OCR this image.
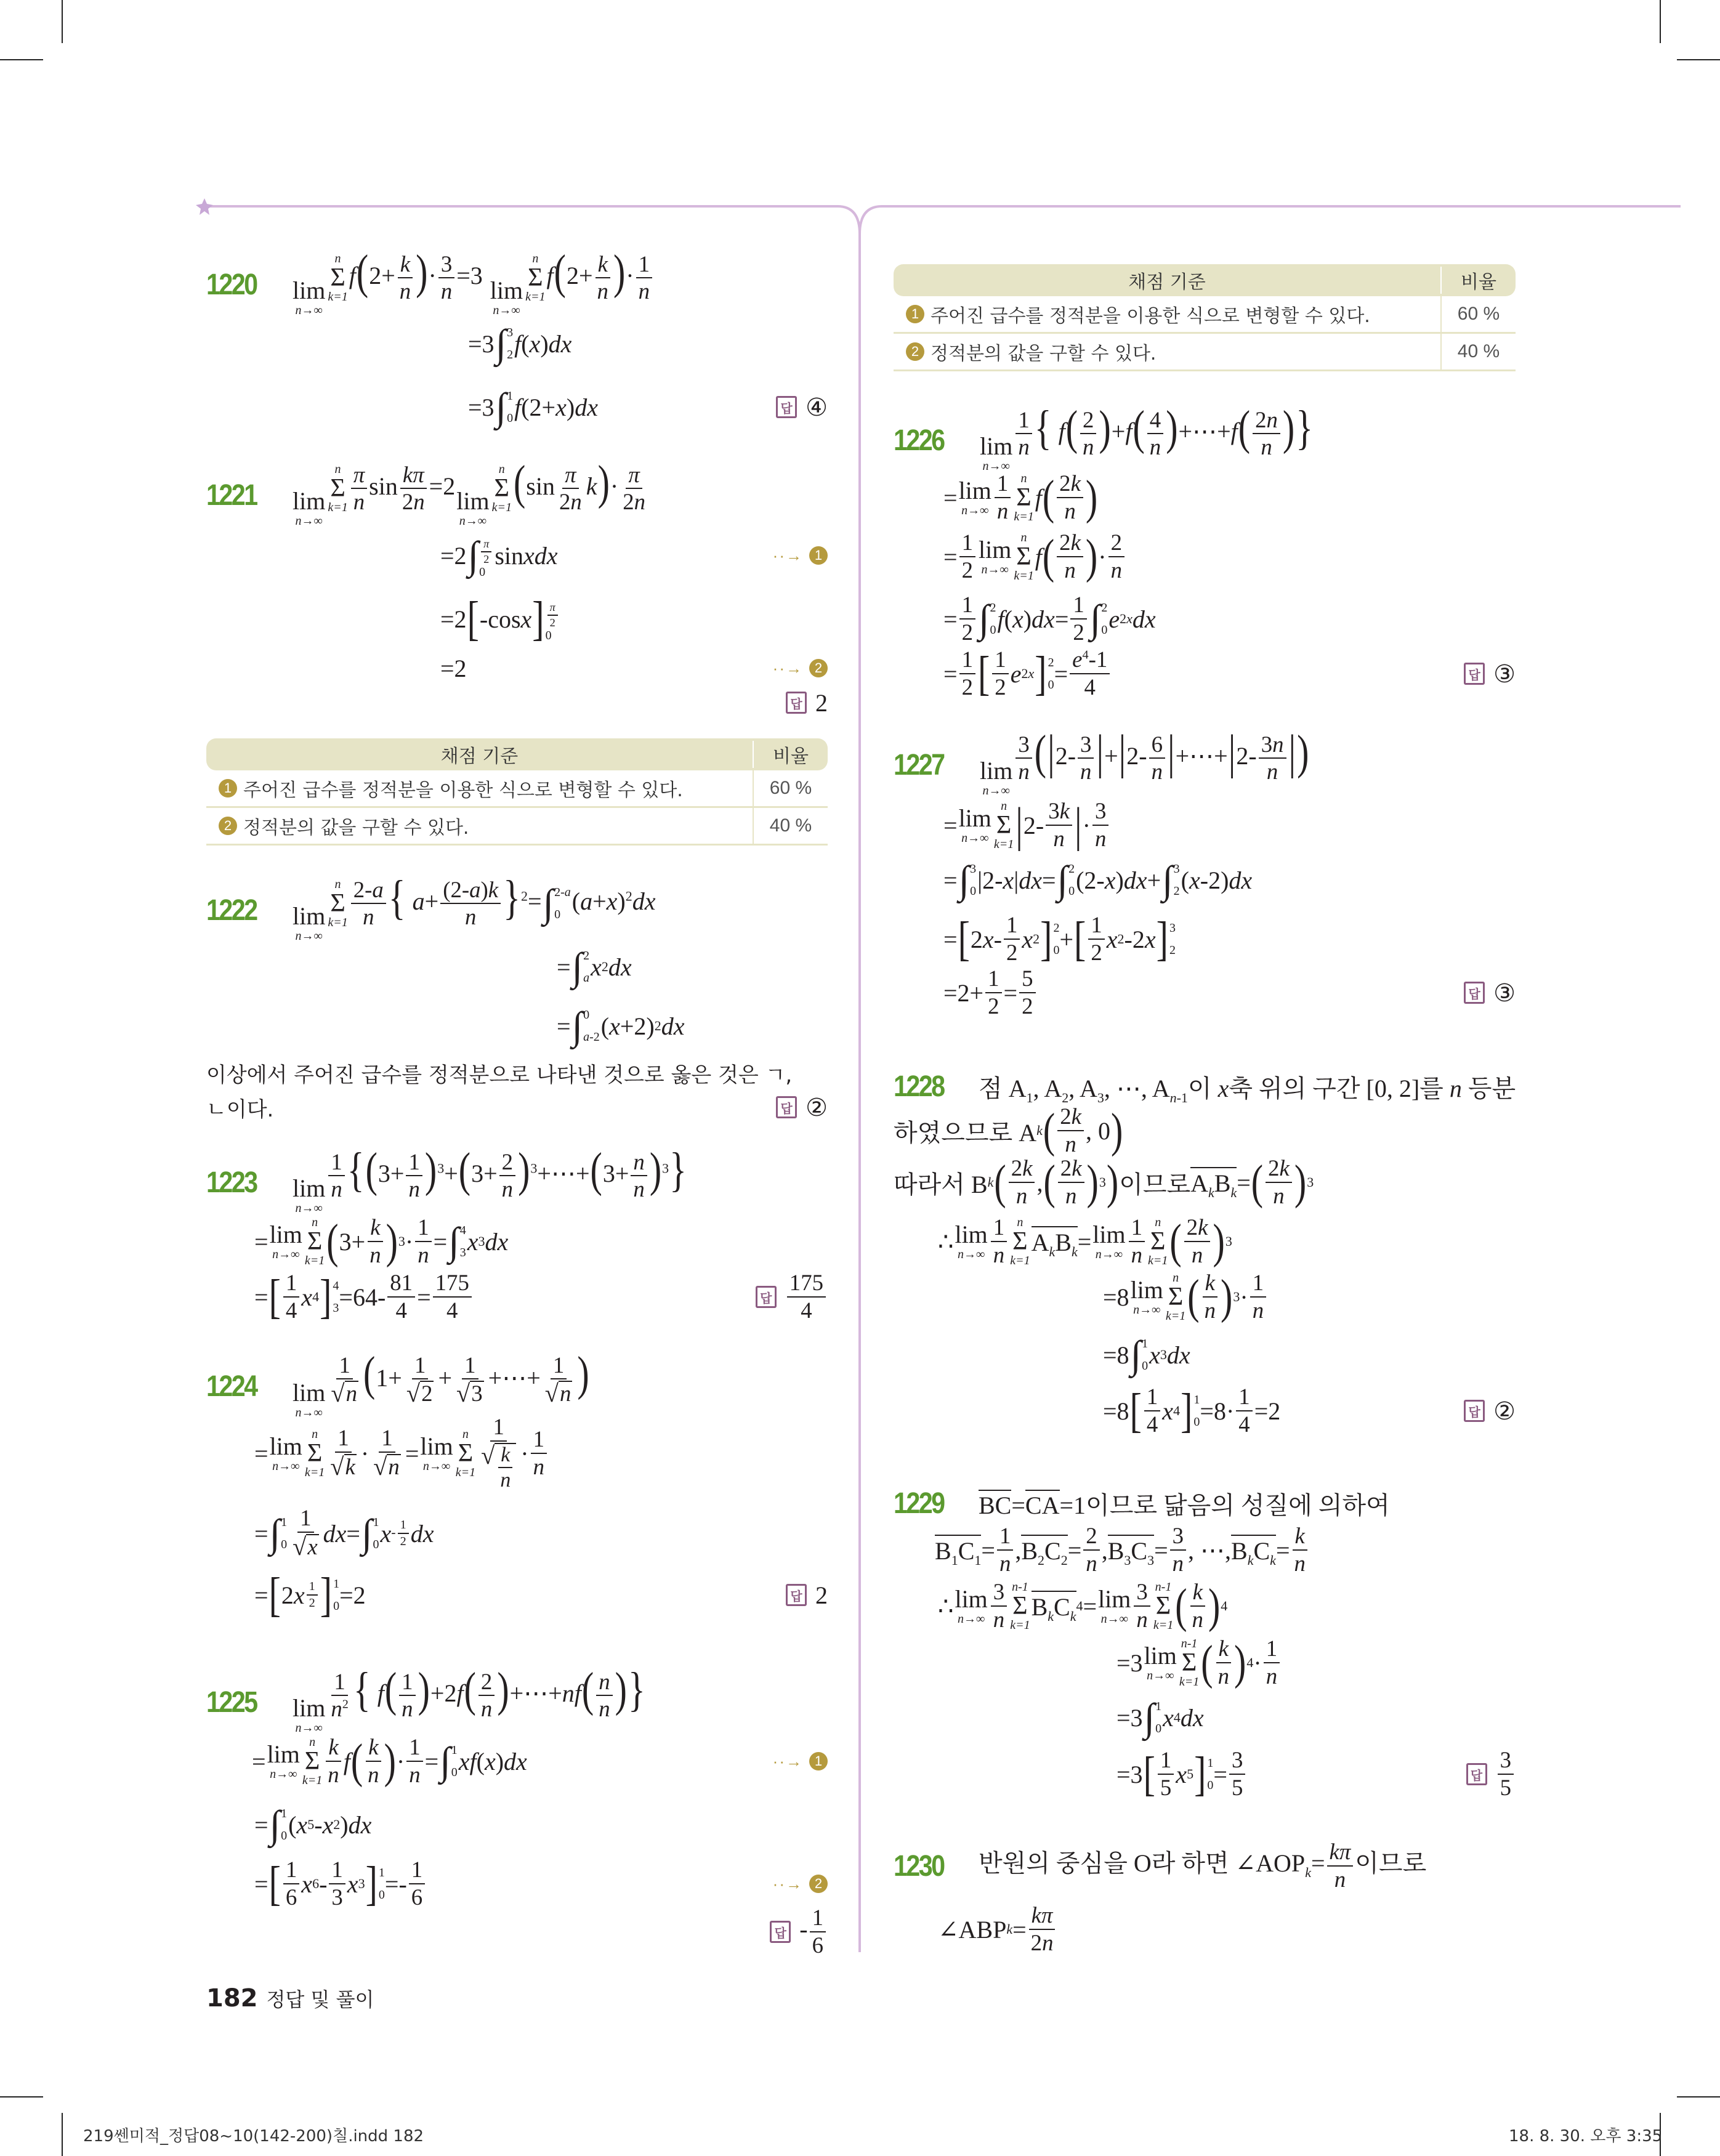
1220	lim
n→∞
n
Σ
k=1
$f(2+ \frac{k}{n}$ )· $\frac{3}{n} =3$
lim
n→∞
n
Σ
k=1
$f(2+ \frac{k}{n}$ )· $\frac{1}{n}$
=3 ∫ 3
2 f ( x ) d x
=3 ∫ 1
0 f (2+ x ) d x	답 ④
1221	lim
n→∞
n
Σ
$k=1 \frac{\pi}{n}$ $\sin \frac{k\pi}{2n} =2$
lim
n→∞
n
Σ
k=1 $(\sin \frac{\pi}{2n} k)\cdot \frac{\pi}{2n}$
=2 ∫ $\frac{\pi}{2}$
0
sin x d x
=2 [ -cos x ] $\frac{\pi}{2}$
0
=2
··→ 1
··→ 2
답 2
채점 기준	비율
1 주어진 급수를 정적분을 이용한 식으로 변형할 수 있다.	60 %
2 정적분의 값을 구할 수 있다.	40 %
1222	lim
n→∞
n
Σ
$k=1 \frac{2-a}{n}$ { $a+ \frac{(2-a)k}{n} \}^2=$ ∫ 2-a
0 $(a+x)^2dx$
= ∫ 2
a x 2 d x
= ∫ 0
a-2 ( x +2) 2 d x
이상에서 주어진 급수를 정적분으로 나타낸 것으로 옳은 것은 ㄱ,
ㄴ이다.	답 ②
1223	lim
n→∞
$\frac{1}{n} \{(3+ \frac{1}{n} )^3+(3+ \frac{2}{n}$ )$^3+\cdots+(3+ \frac{n}{n} )^3$}
= lim
n→∞
n
Σ
k=1 ( 3+
k
n ) 3 ·
1
n = ∫ 4
3 x 3 d x
= [ 1
4 x 4 ] 4
3 =64-
81
4 =
175
4	답 $\frac{175}{4}$
1224	lim
n→∞
$\frac{1}{√ n} (1+ \frac{1}{√ 2} + \frac{1}{√ 3}$ +⋯+ $\frac{1}{√ n}$ )
= lim
n→∞
n
Σ
k=1
1
√ k ·
1
√ n = lim
n→∞
n
Σ
k=1
1
√ $\frac{k}{n}$ ·
1
n
= ∫ 1
0
1
√ x d x = ∫ 1
0 x - $\frac{1}{2}$ d x
= [ 2 x $\frac{1}{2}$ ] 1
0 =2	답 2
1225	lim
n→∞
$\frac{1}{n^2}$ { $f( \frac{1}{n} )+2f( \frac{2}{n}$ )+⋯+nf( $\frac{n}{n}$ )}
= lim
n→∞
n
Σ
k=1
k
n f ( k
n ) ·
1
n = ∫ 1
0 x f ( x ) d x
= ∫ 1
0 ( x 5 - x 2 ) d x
= [ 1
6 x 6 -
1
3 x 3 ] 1
0 =-
1
6
··→ 1
··→ 2
답 - $\frac{1}{6}$
채점 기준	비율
1 주어진 급수를 정적분을 이용한 식으로 변형할 수 있다.	60 %
2 정적분의 값을 구할 수 있다.	40 %
1226	lim
n→∞
$\frac{1}{n}$ { $f( \frac{2}{n} )+f( \frac{4}{n}$ )+⋯+f( $\frac{2n}{n}$ )}
= lim
n→∞
1
n
n
Σ
k=1
f ( 2k
n )
=
1
2
lim
n→∞
n
Σ
k=1
f ( 2k
n ) ·
2
n
=
1
2 ∫ 2
0 f ( x ) d x =
1
2 ∫ 2
0 e 2x d x
=
1
2 [ 1
2 e 2x ] 2
0 =
$e^4-1$
4	답 ③
1227	lim
n→∞
$\frac{3}{n} (|2- \frac{3}{n} |+|2- \frac{6}{n}$ |+⋯+|2- $\frac{3n}{n}$ |)
= lim
n→∞
n
Σ
k=1 | 2-
3k
n | ·
3
n
= ∫ 3
0 |2- x | d x = ∫ 2
0 (2- x ) d x + ∫ 3
2 ( x -2) d x
= [ 2 x -
1
2 x 2 ] 2
0 + [ 1
2 x 2 -2 x ] 3
2
=2+
1
2 =
5
2	답 ③
1228	점 $A_1$, $A_2$, $A_3$, ⋯, $A_{n-1}$이 x축 위의 구간 [0, 2]를 n 등분
하였으므로 A k ( 2k
n , 0 )
따라서 B k ( 2k
n , ( 2k
n ) 3 ) 이므로 $A_kB_k$ = ( 2k
n ) 3
∴ lim
n→∞
1
n
n
Σ
k=1
$A_kB_k = \lim$
n→∞
1
n
n
Σ
k=1 ( 2k
n ) 3
=8 lim
n→∞
n
Σ
k=1 ( k
n ) 3 ·
1
n
=8 ∫ 1
0 x 3 d x
=8 [ 1
4 x 4 ] 1
0 =8·
1
4 =2	답 ②
1229	BC=CA=1이므로 닮음의 성질에 의하여
$B_1C_1$ =
1
n , $B_2C_2$ =
2
n , $B_3C_3$ =
3
n , ⋯, $B_kC_k$ =
k
n
∴ lim
n→∞
3
n
n-1
Σ
k=1
$B_kC_k$
4 = lim
n→∞
3
n
n-1
Σ
k=1 ( k
n ) 4
=3 lim
n→∞
n-1
Σ
k=1 ( k
n ) 4 ·
1
n
=3 ∫ 1
0 x 4 d x
=3 [ 1
5 x 5 ] 1
0 =
3
5	답 $\frac{3}{5}$
1230	반원의 중심을 O라 하면 $\angle AOP_k= \frac{k\pi}{n}$ 이므로
∠ABP k =
kπ
2n
182 정답 및 풀이
219쎈미적_정답08~10(142-200)칠.indd 182	18. 8. 30. 오후 3:35
